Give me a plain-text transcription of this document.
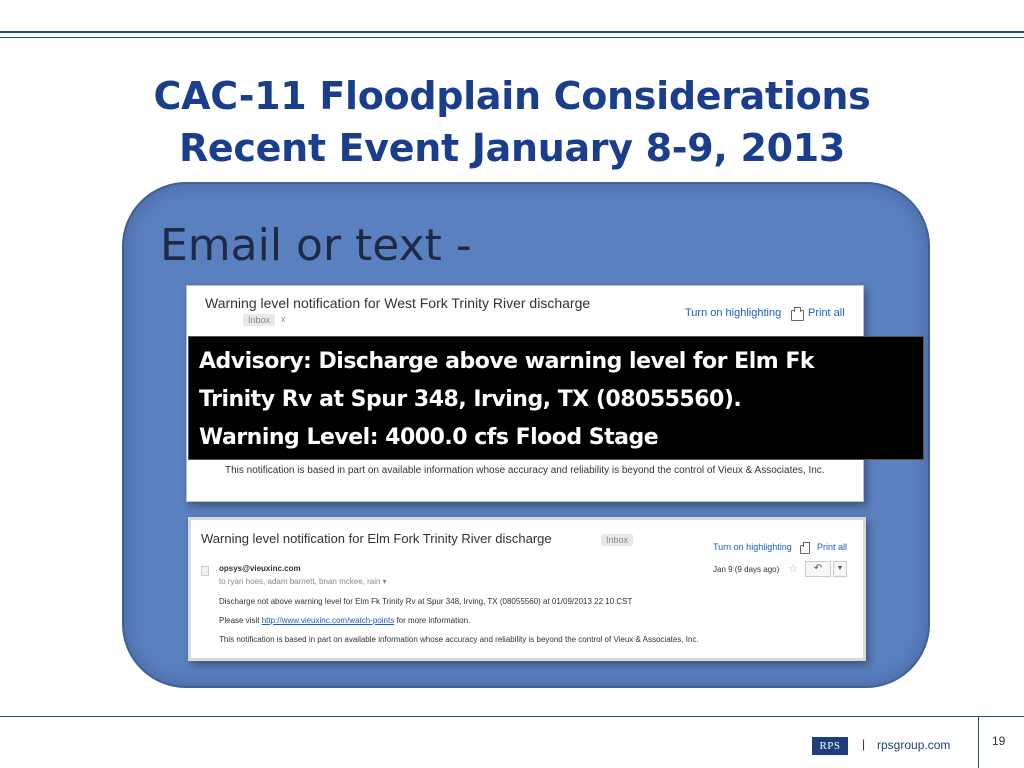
CAC-11 Floodplain Considerations
Recent Event January 8-9, 2013
Email or text -
Warning level notification for West Fork Trinity River discharge
Inbox	x	Turn on highlighting Print all
This notification is based in part on available information whose accuracy and reliability is beyond the control of Vieux & Associates, Inc.
Advisory: Discharge above warning level for Elm Fk
Trinity Rv at Spur 348, Irving, TX (08055560).
Warning Level: 4000.0 cfs Flood Stage
Warning level notification for Elm Fork Trinity River discharge	Inbox
Turn on highlighting	Print all
opsys@vieuxinc.com
to ryan hoes, adam barnett, bnan mckee, rain ▾
Jan 9 (9 days ago) ☆	↶	▼
Discharge not above warning level for Elm Fk Trinity Rv at Spur 348, Irving, TX (08055560) at 01/09/2013 22 10 CST
Please visit http://www.vieuxinc.com/watch-points for more information.
This notification is based in part on available information whose accuracy and reliability is beyond the control of Vieux & Associates, Inc.
RPS	| rpsgroup.com	19
